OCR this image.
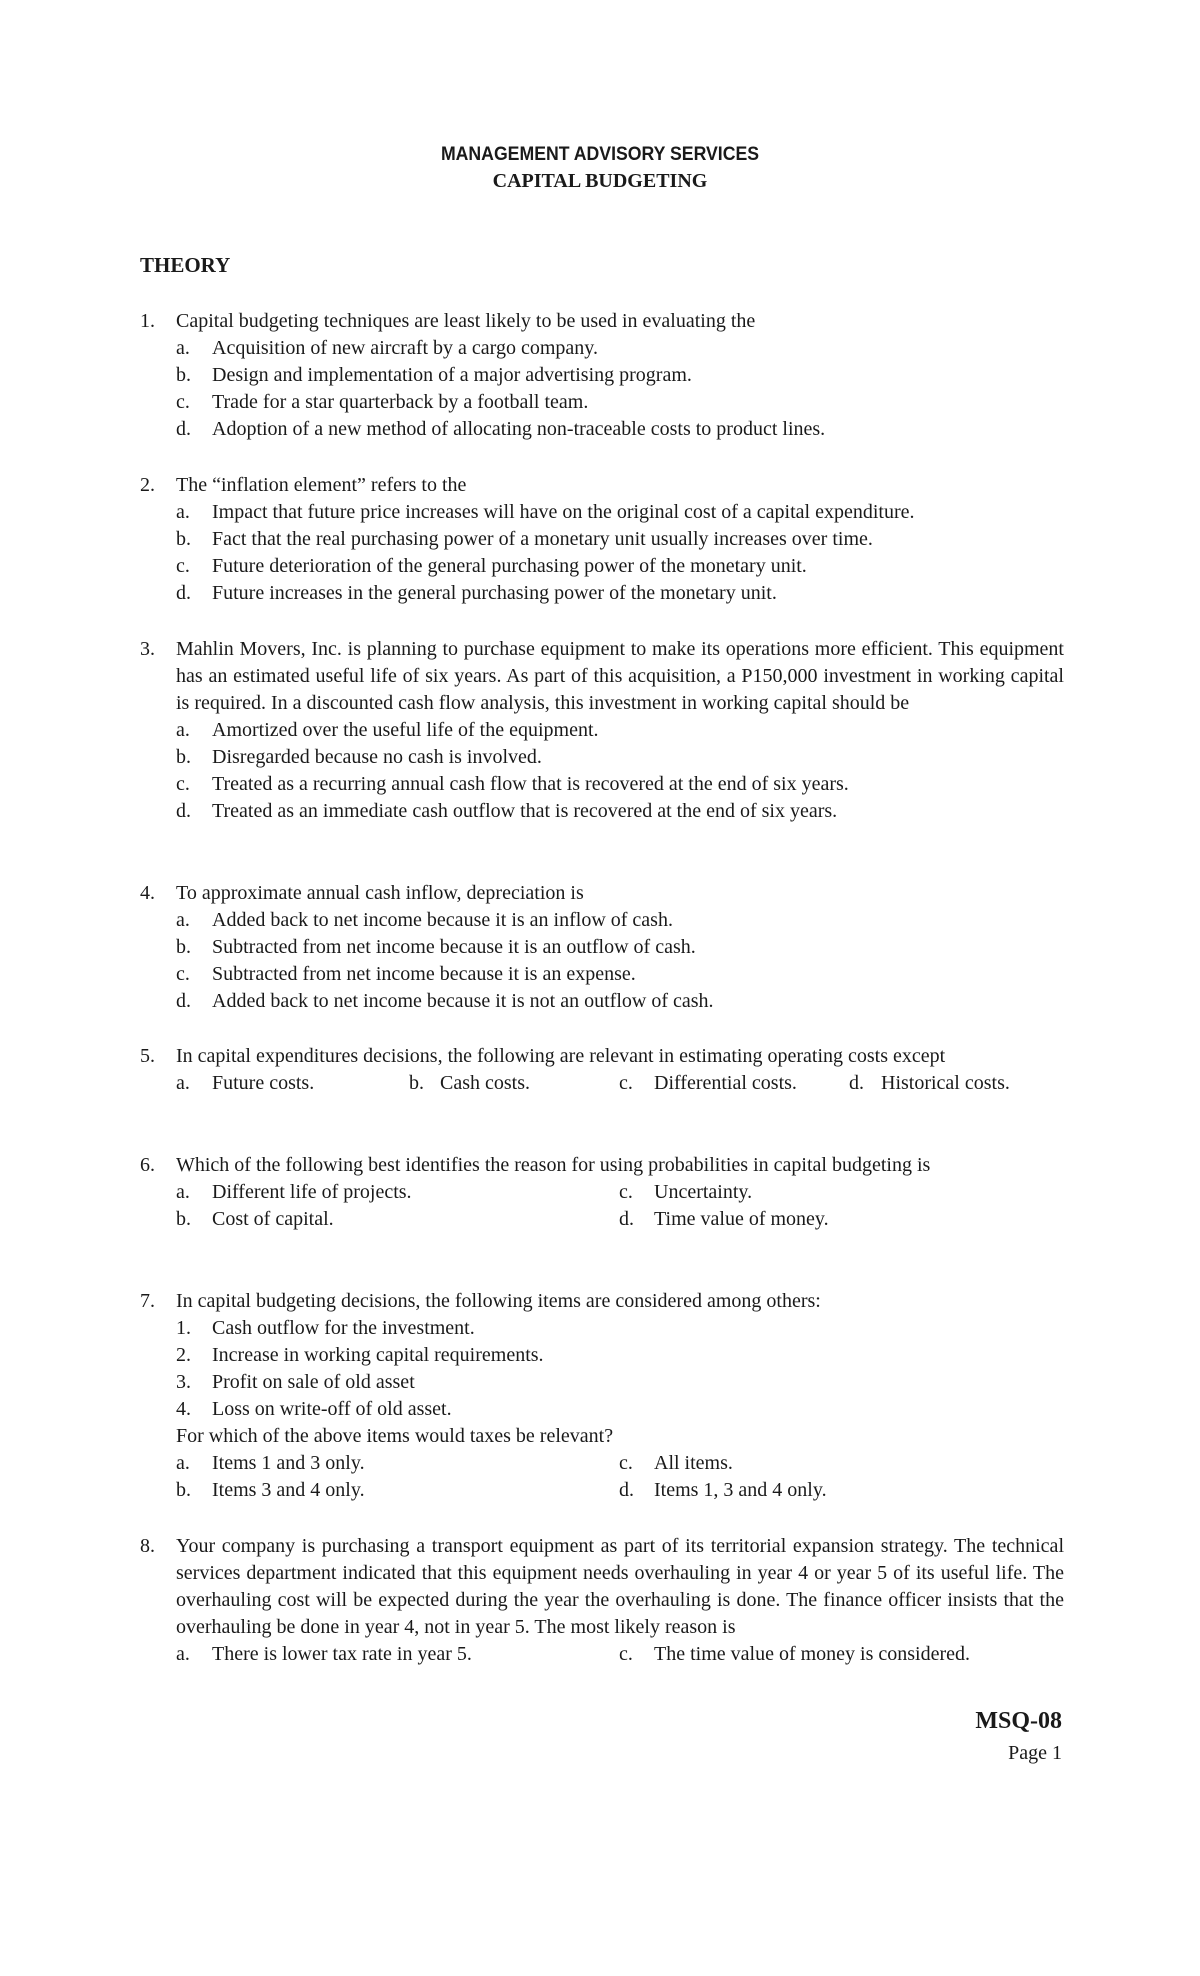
MANAGEMENT ADVISORY SERVICES
CAPITAL BUDGETING
THEORY
1. Capital budgeting techniques are least likely to be used in evaluating the
a. Acquisition of new aircraft by a cargo company.
b. Design and implementation of a major advertising program.
c. Trade for a star quarterback by a football team.
d. Adoption of a new method of allocating non-traceable costs to product lines.
2. The “inflation element” refers to the
a. Impact that future price increases will have on the original cost of a capital expenditure.
b. Fact that the real purchasing power of a monetary unit usually increases over time.
c. Future deterioration of the general purchasing power of the monetary unit.
d. Future increases in the general purchasing power of the monetary unit.
3. Mahlin Movers, Inc. is planning to purchase equipment to make its operations more efficient. This equipment has an estimated useful life of six years. As part of this acquisition, a P150,000 investment in working capital is required. In a discounted cash flow analysis, this investment in working capital should be
a. Amortized over the useful life of the equipment.
b. Disregarded because no cash is involved.
c. Treated as a recurring annual cash flow that is recovered at the end of six years.
d. Treated as an immediate cash outflow that is recovered at the end of six years.
4. To approximate annual cash inflow, depreciation is
a. Added back to net income because it is an inflow of cash.
b. Subtracted from net income because it is an outflow of cash.
c. Subtracted from net income because it is an expense.
d. Added back to net income because it is not an outflow of cash.
5. In capital expenditures decisions, the following are relevant in estimating operating costs except
a. Future costs.	b. Cash costs.	c. Differential costs.	d. Historical costs.
6. Which of the following best identifies the reason for using probabilities in capital budgeting is
a. Different life of projects.	c. Uncertainty.
b. Cost of capital.	d. Time value of money.
7. In capital budgeting decisions, the following items are considered among others:
1. Cash outflow for the investment.
2. Increase in working capital requirements.
3. Profit on sale of old asset
4. Loss on write-off of old asset.
For which of the above items would taxes be relevant?
a. Items 1 and 3 only.	c. All items.
b. Items 3 and 4 only.	d. Items 1, 3 and 4 only.
8. Your company is purchasing a transport equipment as part of its territorial expansion strategy. The technical services department indicated that this equipment needs overhauling in year 4 or year 5 of its useful life. The overhauling cost will be expected during the year the overhauling is done. The finance officer insists that the overhauling be done in year 4, not in year 5. The most likely reason is
a. There is lower tax rate in year 5.	c. The time value of money is considered.
MSQ-08
Page 1
